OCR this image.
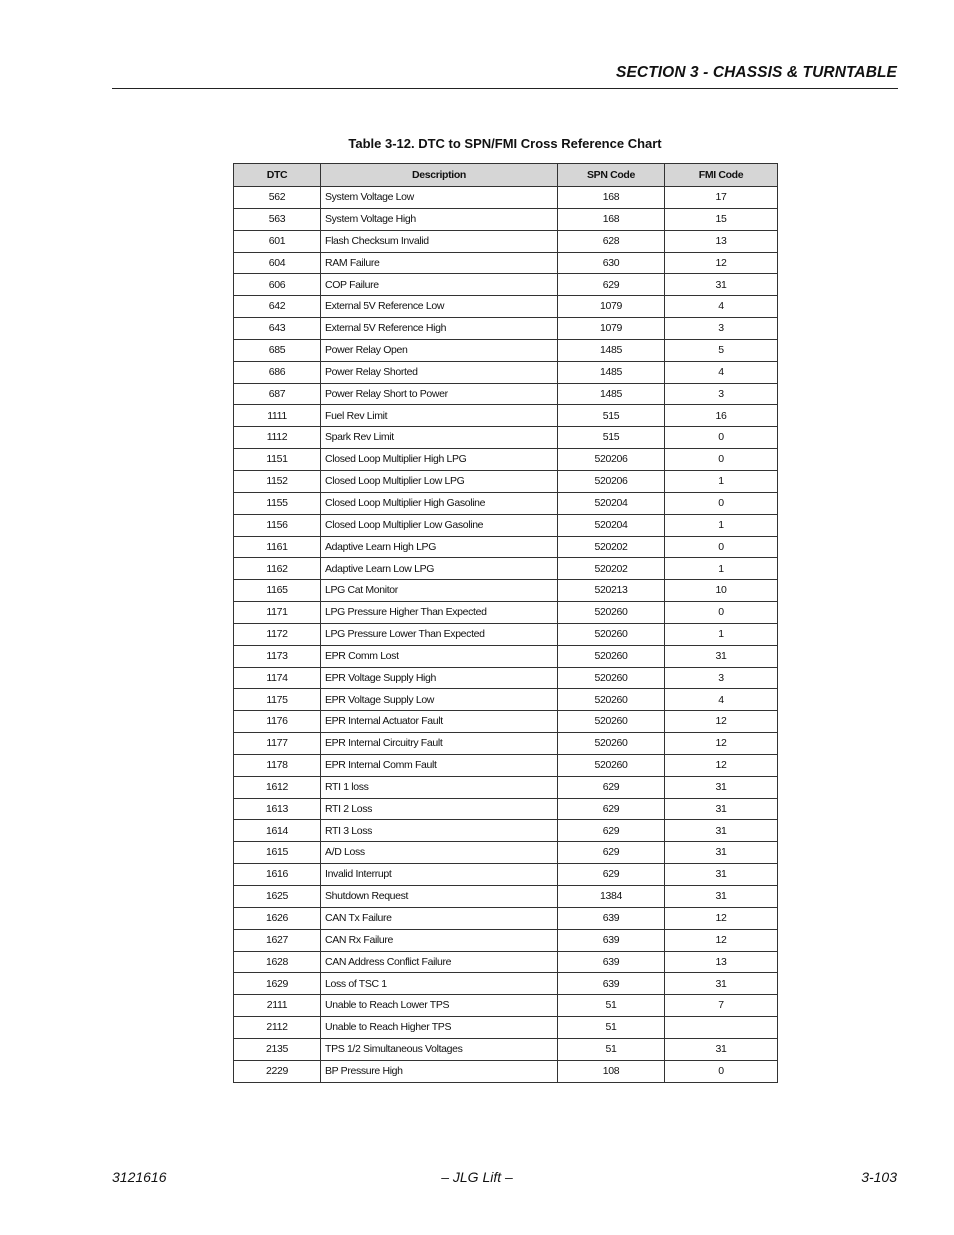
SECTION 3 - CHASSIS & TURNTABLE
Table 3-12. DTC to SPN/FMI Cross Reference Chart
DTC	Description	SPN Code	FMI Code
562	System Voltage Low	168	17
563	System Voltage High	168	15
601	Flash Checksum Invalid	628	13
604	RAM Failure	630	12
606	COP Failure	629	31
642	External 5V Reference Low	1079	4
643	External 5V Reference High	1079	3
685	Power Relay Open	1485	5
686	Power Relay Shorted	1485	4
687	Power Relay Short to Power	1485	3
1111	Fuel Rev Limit	515	16
1112	Spark Rev Limit	515	0
1151	Closed Loop Multiplier High LPG	520206	0
1152	Closed Loop Multiplier Low LPG	520206	1
1155	Closed Loop Multiplier High Gasoline	520204	0
1156	Closed Loop Multiplier Low Gasoline	520204	1
1161	Adaptive Learn High LPG	520202	0
1162	Adaptive Learn Low LPG	520202	1
1165	LPG Cat Monitor	520213	10
1171	LPG Pressure Higher Than Expected	520260	0
1172	LPG Pressure Lower Than Expected	520260	1
1173	EPR Comm Lost	520260	31
1174	EPR Voltage Supply High	520260	3
1175	EPR Voltage Supply Low	520260	4
1176	EPR Internal Actuator Fault	520260	12
1177	EPR Internal Circuitry Fault	520260	12
1178	EPR Internal Comm Fault	520260	12
1612	RTI 1 loss	629	31
1613	RTI 2 Loss	629	31
1614	RTI 3 Loss	629	31
1615	A/D Loss	629	31
1616	Invalid Interrupt	629	31
1625	Shutdown Request	1384	31
1626	CAN Tx Failure	639	12
1627	CAN Rx Failure	639	12
1628	CAN Address Conflict Failure	639	13
1629	Loss of TSC 1	639	31
2111	Unable to Reach Lower TPS	51	7
2112	Unable to Reach Higher TPS	51	
2135	TPS 1/2 Simultaneous Voltages	51	31
2229	BP Pressure High	108	0
3121616	– JLG Lift –	3-103
